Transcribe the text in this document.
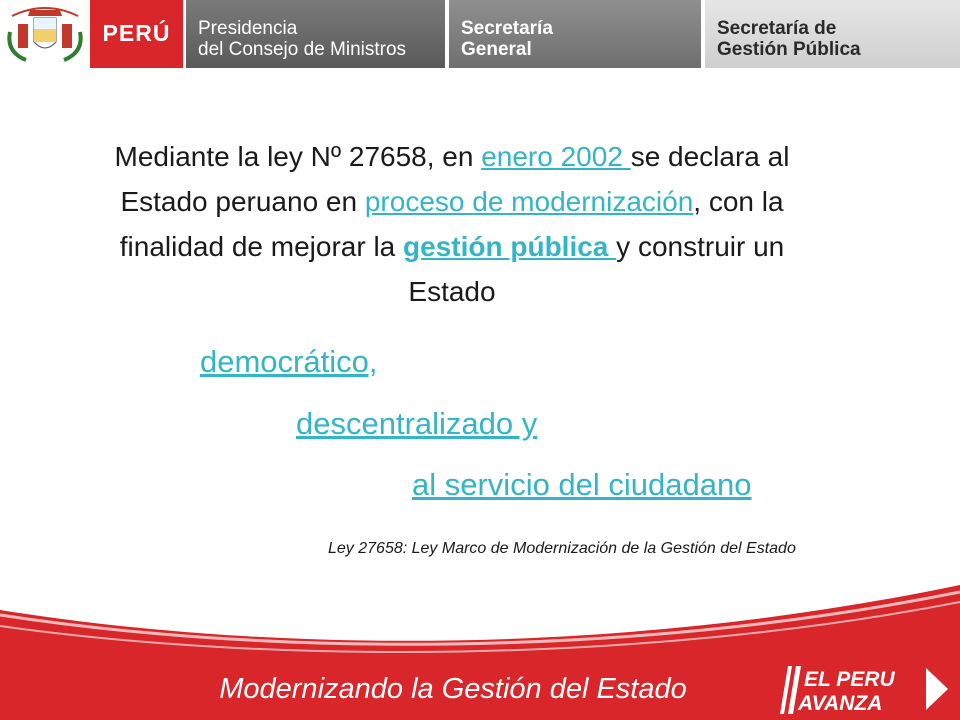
PERÚ	Presidencia
del Consejo de Ministros
Secretaría
General
Secretaría de
Gestión Pública
Mediante la ley Nº 27658, en enero 2002 se declara al Estado peruano en proceso de modernización, con la finalidad de mejorar la gestión pública y construir un Estado
democrático,
descentralizado y
al servicio del ciudadano
Ley 27658: Ley Marco de Modernización de la Gestión del Estado
Modernizando la Gestión del Estado	EL PERU
AVANZA
